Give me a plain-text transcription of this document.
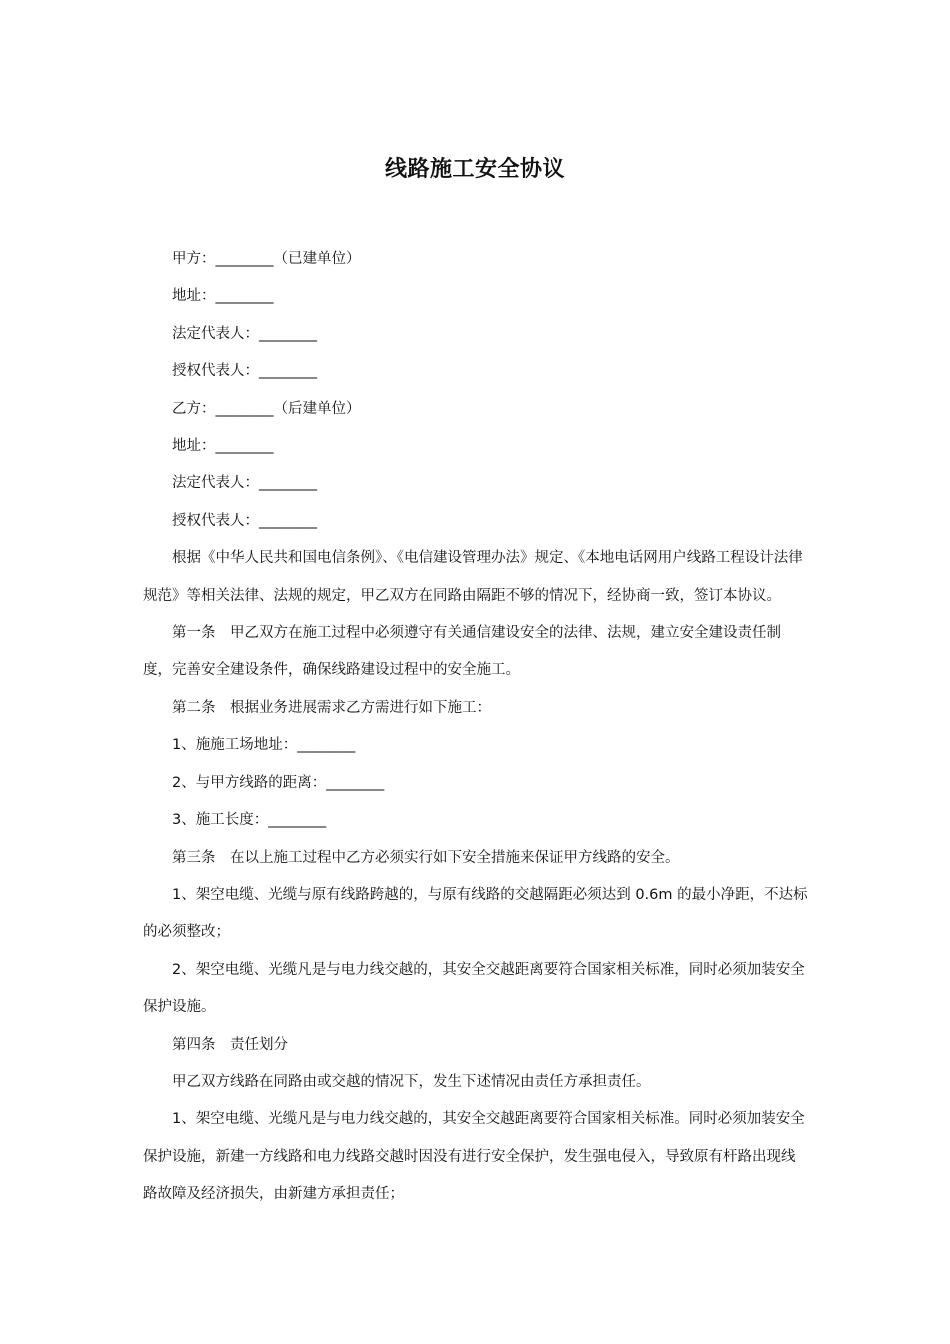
线路施工安全协议

甲方：________（已建单位）

地址：________

法定代表人：________

授权代表人：________

乙方：________（后建单位）

地址：________

法定代表人：________

授权代表人：________

根据《中华人民共和国电信条例》、《电信建设管理办法》规定、《本地电话网用户线路工程设计法律规范》等相关法律、法规的规定，甲乙双方在同路由隔距不够的情况下，经协商一致，签订本协议。

第一条　甲乙双方在施工过程中必须遵守有关通信建设安全的法律、法规，建立安全建设责任制度，完善安全建设条件，确保线路建设过程中的安全施工。

第二条　根据业务进展需求乙方需进行如下施工：

1、施施工场地址：________

2、与甲方线路的距离：________

3、施工长度：________

第三条　在以上施工过程中乙方必须实行如下安全措施来保证甲方线路的安全。

1、架空电缆、光缆与原有线路跨越的，与原有线路的交越隔距必须达到 0.6m 的最小净距，不达标的必须整改；

2、架空电缆、光缆凡是与电力线交越的，其安全交越距离要符合国家相关标准，同时必须加装安全保护设施。

第四条　责任划分

甲乙双方线路在同路由或交越的情况下，发生下述情况由责任方承担责任。

1、架空电缆、光缆凡是与电力线交越的，其安全交越距离要符合国家相关标准。同时必须加装安全保护设施，新建一方线路和电力线路交越时因没有进行安全保护，发生强电侵入，导致原有杆路出现线路故障及经济损失，由新建方承担责任；
